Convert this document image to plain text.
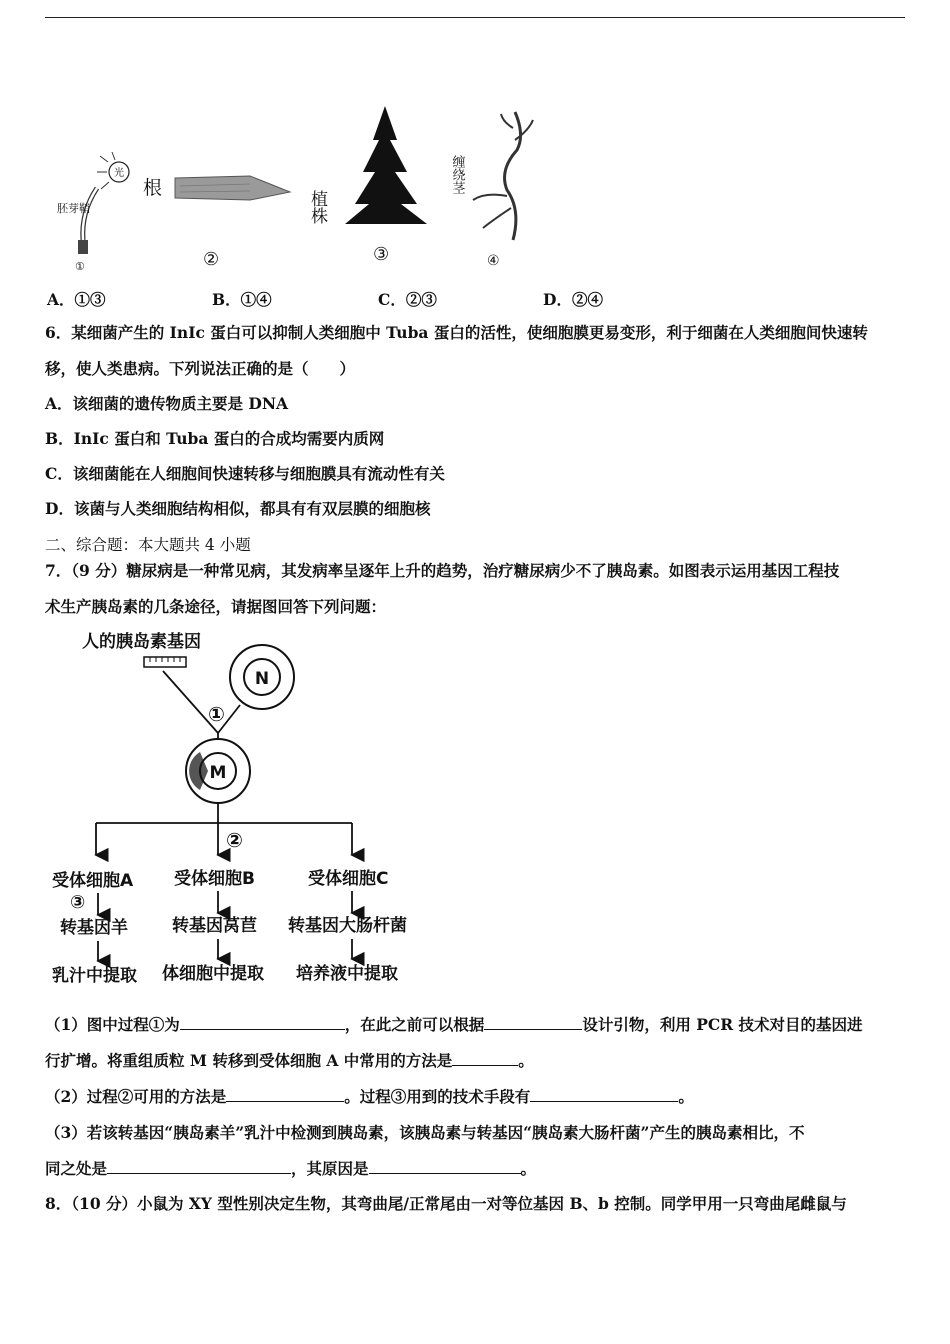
光
胚芽鞘
①
根
②
植株
③
缠绕茎
④
A．①③	B．①④	C．②③	D．②④
6．某细菌产生的 InIc 蛋白可以抑制人类细胞中 Tuba 蛋白的活性，使细胞膜更易变形，利于细菌在人类细胞间快速转
移，使人类患病。下列说法正确的是（　　）
A．该细菌的遗传物质主要是 DNA
B．InIc 蛋白和 Tuba 蛋白的合成均需要内质网
C．该细菌能在人细胞间快速转移与细胞膜具有流动性有关
D．该菌与人类细胞结构相似，都具有有双层膜的细胞核
二、综合题：本大题共 4 小题
7．（9 分）糖尿病是一种常见病，其发病率呈逐年上升的趋势，治疗糖尿病少不了胰岛素。如图表示运用基因工程技
术生产胰岛素的几条途径，请据图回答下列问题：
人的胰岛素基因
N
①
M
②
受体细胞A 受体细胞B	受体细胞C
③
转基因羊	转基因莴苣 转基因大肠杆菌
乳汁中提取 体细胞中提取 培养液中提取
（1）图中过程①为	，在此之前可以根据	设计引物，利用 PCR 技术对目的基因进
行扩增。将重组质粒 M 转移到受体细胞 A 中常用的方法是	。
（2）过程②可用的方法是	。过程③用到的技术手段有	。
（3）若该转基因“胰岛素羊”乳汁中检测到胰岛素，该胰岛素与转基因“胰岛素大肠杆菌”产生的胰岛素相比，不
同之处是	，其原因是	。
8．（10 分）小鼠为 XY 型性别决定生物，其弯曲尾/正常尾由一对等位基因 B、b 控制。同学甲用一只弯曲尾雌鼠与
